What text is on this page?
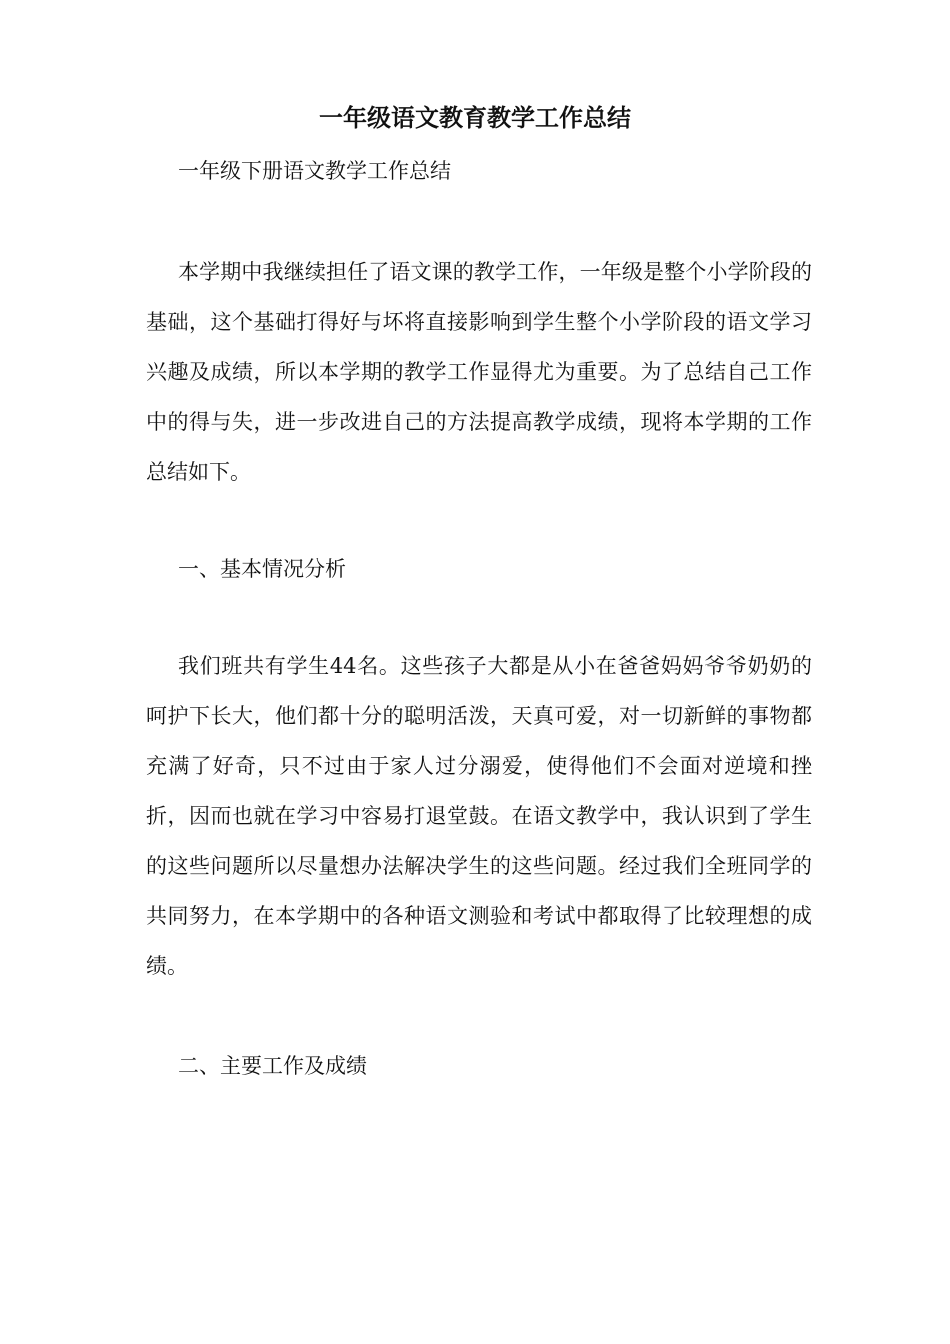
一年级语文教育教学工作总结

一年级下册语文教学工作总结

本学期中我继续担任了语文课的教学工作，一年级是整个小学阶段的基础，这个基础打得好与坏将直接影响到学生整个小学阶段的语文学习兴趣及成绩，所以本学期的教学工作显得尤为重要。为了总结自己工作中的得与失，进一步改进自己的方法提高教学成绩，现将本学期的工作总结如下。

一、基本情况分析

我们班共有学生44名。这些孩子大都是从小在爸爸妈妈爷爷奶奶的呵护下长大，他们都十分的聪明活泼，天真可爱，对一切新鲜的事物都充满了好奇，只不过由于家人过分溺爱，使得他们不会面对逆境和挫折，因而也就在学习中容易打退堂鼓。在语文教学中，我认识到了学生的这些问题所以尽量想办法解决学生的这些问题。经过我们全班同学的共同努力，在本学期中的各种语文测验和考试中都取得了比较理想的成绩。

二、主要工作及成绩
